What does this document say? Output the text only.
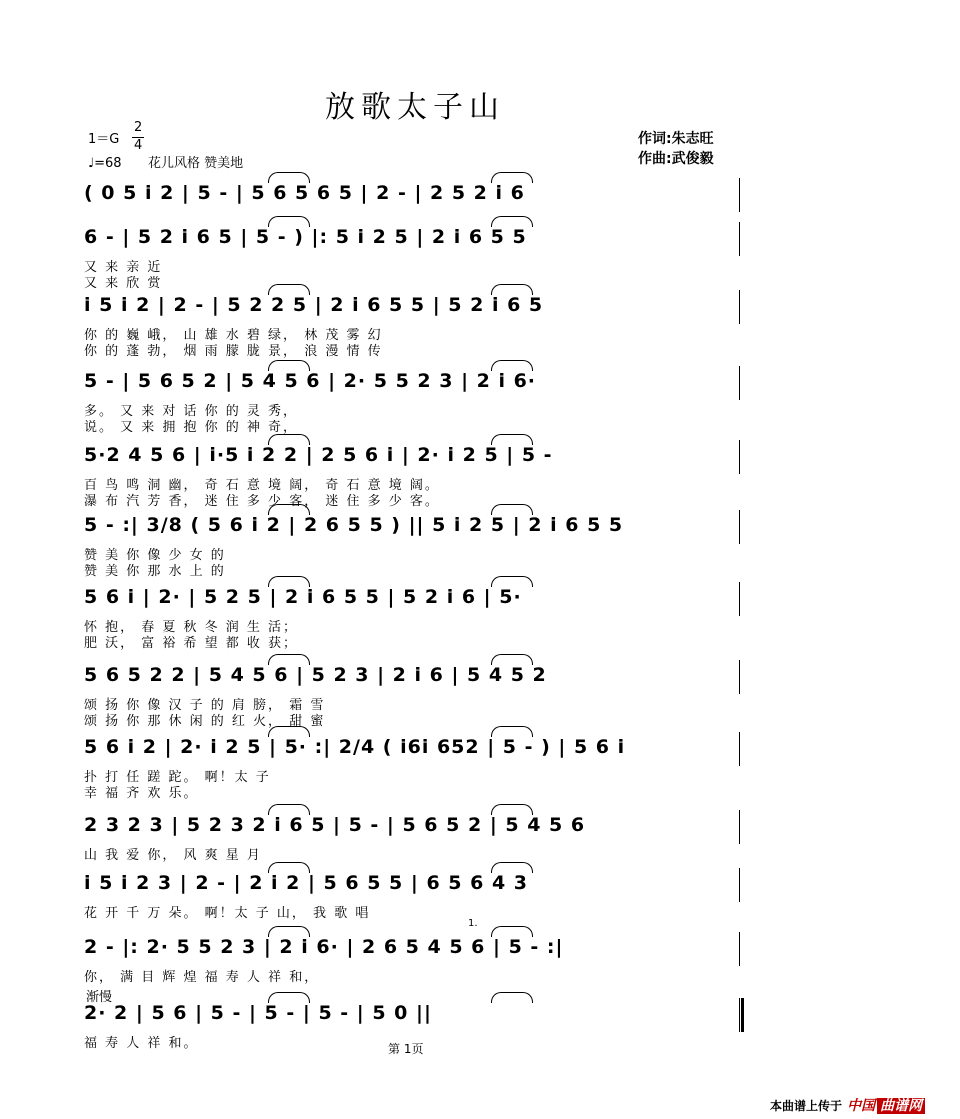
放歌太子山
1＝G
2
4
♩=68 花儿风格 赞美地
作词:朱志旺
作曲:武俊毅
( 0 5 i 2 | 5 - | 5 6 5 6 5 | 2 - | 2 5 2 i 6
6 - | 5 2 i 6 5 | 5 - ) |: 5 i 2 5 | 2 i 6 5 5
又 来 亲 近
又 来 欣 赏
i 5 i 2 | 2 - | 5 2 2 5 | 2 i 6 5 5 | 5 2 i 6 5
你 的 巍 峨， 山 雄 水 碧 绿， 林 茂 雾 幻
你 的 蓬 勃， 烟 雨 朦 胧 景， 浪 漫 情 传
5 - | 5 6 5 2 | 5 4 5 6 | 2· 5 5 2 3 | 2 i 6·
多。 又 来 对 话 你 的 灵 秀，
说。 又 来 拥 抱 你 的 神 奇，
5·2 4 5 6 | i·5 i 2 2 | 2 5 6 i | 2· i 2 5 | 5 -
百 鸟 鸣 洞 幽， 奇 石 意 境 阔， 奇 石 意 境 阔。
瀑 布 汽 芳 香， 迷 住 多 少 客， 迷 住 多 少 客。
5 - :| 3/8 ( 5 6 i 2 | 2 6 5 5 ) || 5 i 2 5 | 2 i 6 5 5
赞 美 你 像 少 女 的
赞 美 你 那 水 上 的
5 6 i | 2· | 5 2 5 | 2 i 6 5 5 | 5 2 i 6 | 5·
怀 抱， 春 夏 秋 冬 润 生 活；
肥 沃， 富 裕 希 望 都 收 获；
5 6 5 2 2 | 5 4 5 6 | 5 2 3 | 2 i 6 | 5 4 5 2
颂 扬 你 像 汉 子 的 肩 膀， 霜 雪
颂 扬 你 那 休 闲 的 红 火， 甜 蜜
5 6 i 2 | 2· i 2 5 | 5· :| 2/4 ( i6i 652 | 5 - ) | 5 6 i
扑 打 任 蹉 跎。 啊！太 子
幸 福 齐 欢 乐。
2 3 2 3 | 5 2 3 2 i 6 5 | 5 - | 5 6 5 2 | 5 4 5 6
山 我 爱 你， 风 爽 星 月
i 5 i 2 3 | 2 - | 2 i 2 | 5 6 5 5 | 6 5 6 4 3
花 开 千 万 朵。 啊！太 子 山， 我 歌 唱
2 - |: 2· 5 5 2 3 | 2 i 6· | 2 6 5 4 5 6 | 5 - :|
你， 满 目 辉 煌 福 寿 人 祥 和，
2· 2 | 5 6 | 5 - | 5 - | 5 - | 5 0 ||
福 寿 人 祥 和。
1.
渐慢
第 1页
本曲谱上传于 中国 曲谱网
